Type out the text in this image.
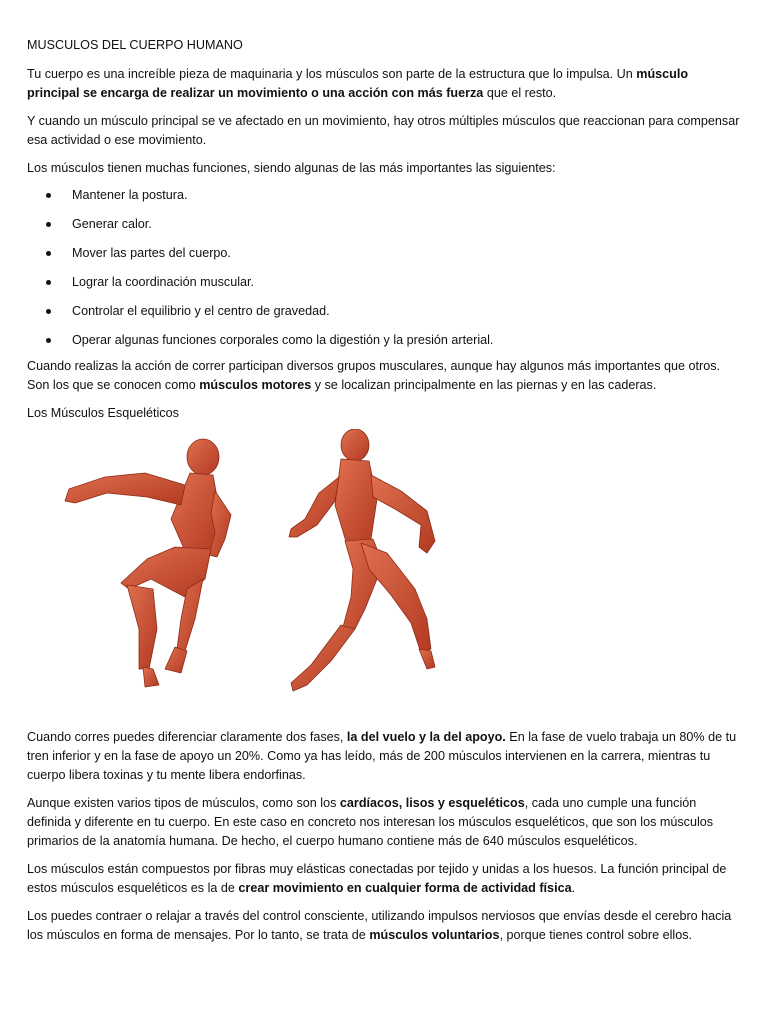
MUSCULOS DEL CUERPO HUMANO

Tu cuerpo es una increíble pieza de maquinaria y los músculos son parte de la estructura que lo impulsa. Un músculo principal se encarga de realizar un movimiento o una acción con más fuerza que el resto.

Y cuando un músculo principal se ve afectado en un movimiento, hay otros múltiples músculos que reaccionan para compensar esa actividad o ese movimiento.

Los músculos tienen muchas funciones, siendo algunas de las más importantes las siguientes:

Mantener la postura.
Generar calor.
Mover las partes del cuerpo.
Lograr la coordinación muscular.
Controlar el equilibrio y el centro de gravedad.
Operar algunas funciones corporales como la digestión y la presión arterial.

Cuando realizas la acción de correr participan diversos grupos musculares, aunque hay algunos más importantes que otros. Son los que se conocen como músculos motores y se localizan principalmente en las piernas y en las caderas.

Los Músculos Esqueléticos

Cuando corres puedes diferenciar claramente dos fases, la del vuelo y la del apoyo. En la fase de vuelo trabaja un 80% de tu tren inferior y en la fase de apoyo un 20%. Como ya has leído, más de 200 músculos intervienen en la carrera, mientras tu cuerpo libera toxinas y tu mente libera endorfinas.

Aunque existen varios tipos de músculos, como son los cardíacos, lisos y esqueléticos, cada uno cumple una función definida y diferente en tu cuerpo. En este caso en concreto nos interesan los músculos esqueléticos, que son los músculos primarios de la anatomía humana. De hecho, el cuerpo humano contiene más de 640 músculos esqueléticos.

Los músculos están compuestos por fibras muy elásticas conectadas por tejido y unidas a los huesos. La función principal de estos músculos esqueléticos es la de crear movimiento en cualquier forma de actividad física.

Los puedes contraer o relajar a través del control consciente, utilizando impulsos nerviosos que envías desde el cerebro hacia los músculos en forma de mensajes. Por lo tanto, se trata de músculos voluntarios, porque tienes control sobre ellos.
